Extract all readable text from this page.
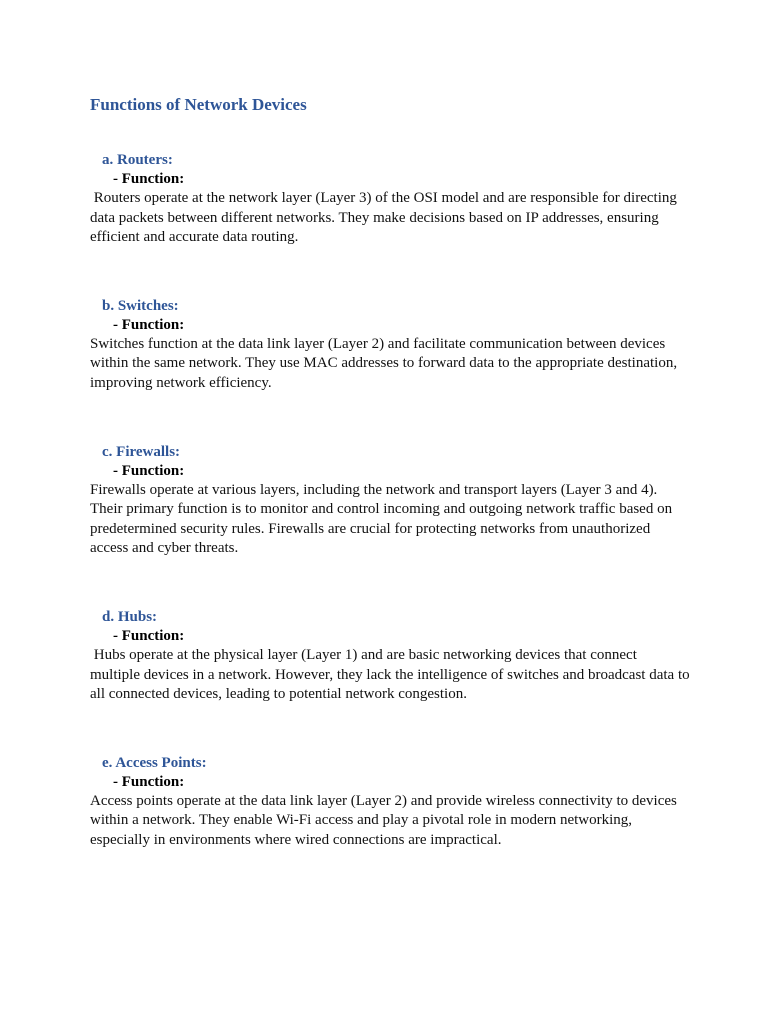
Functions of Network Devices
a. Routers:
- Function:

Routers operate at the network layer (Layer 3) of the OSI model and are responsible for directing data packets between different networks. They make decisions based on IP addresses, ensuring efficient and accurate data routing.

b. Switches:
- Function:

Switches function at the data link layer (Layer 2) and facilitate communication between devices within the same network. They use MAC addresses to forward data to the appropriate destination, improving network efficiency.

c. Firewalls:
- Function:

Firewalls operate at various layers, including the network and transport layers (Layer 3 and 4). Their primary function is to monitor and control incoming and outgoing network traffic based on predetermined security rules. Firewalls are crucial for protecting networks from unauthorized access and cyber threats.

d. Hubs:
- Function:

Hubs operate at the physical layer (Layer 1) and are basic networking devices that connect multiple devices in a network. However, they lack the intelligence of switches and broadcast data to all connected devices, leading to potential network congestion.

e. Access Points:
- Function:

Access points operate at the data link layer (Layer 2) and provide wireless connectivity to devices within a network. They enable Wi-Fi access and play a pivotal role in modern networking, especially in environments where wired connections are impractical.
